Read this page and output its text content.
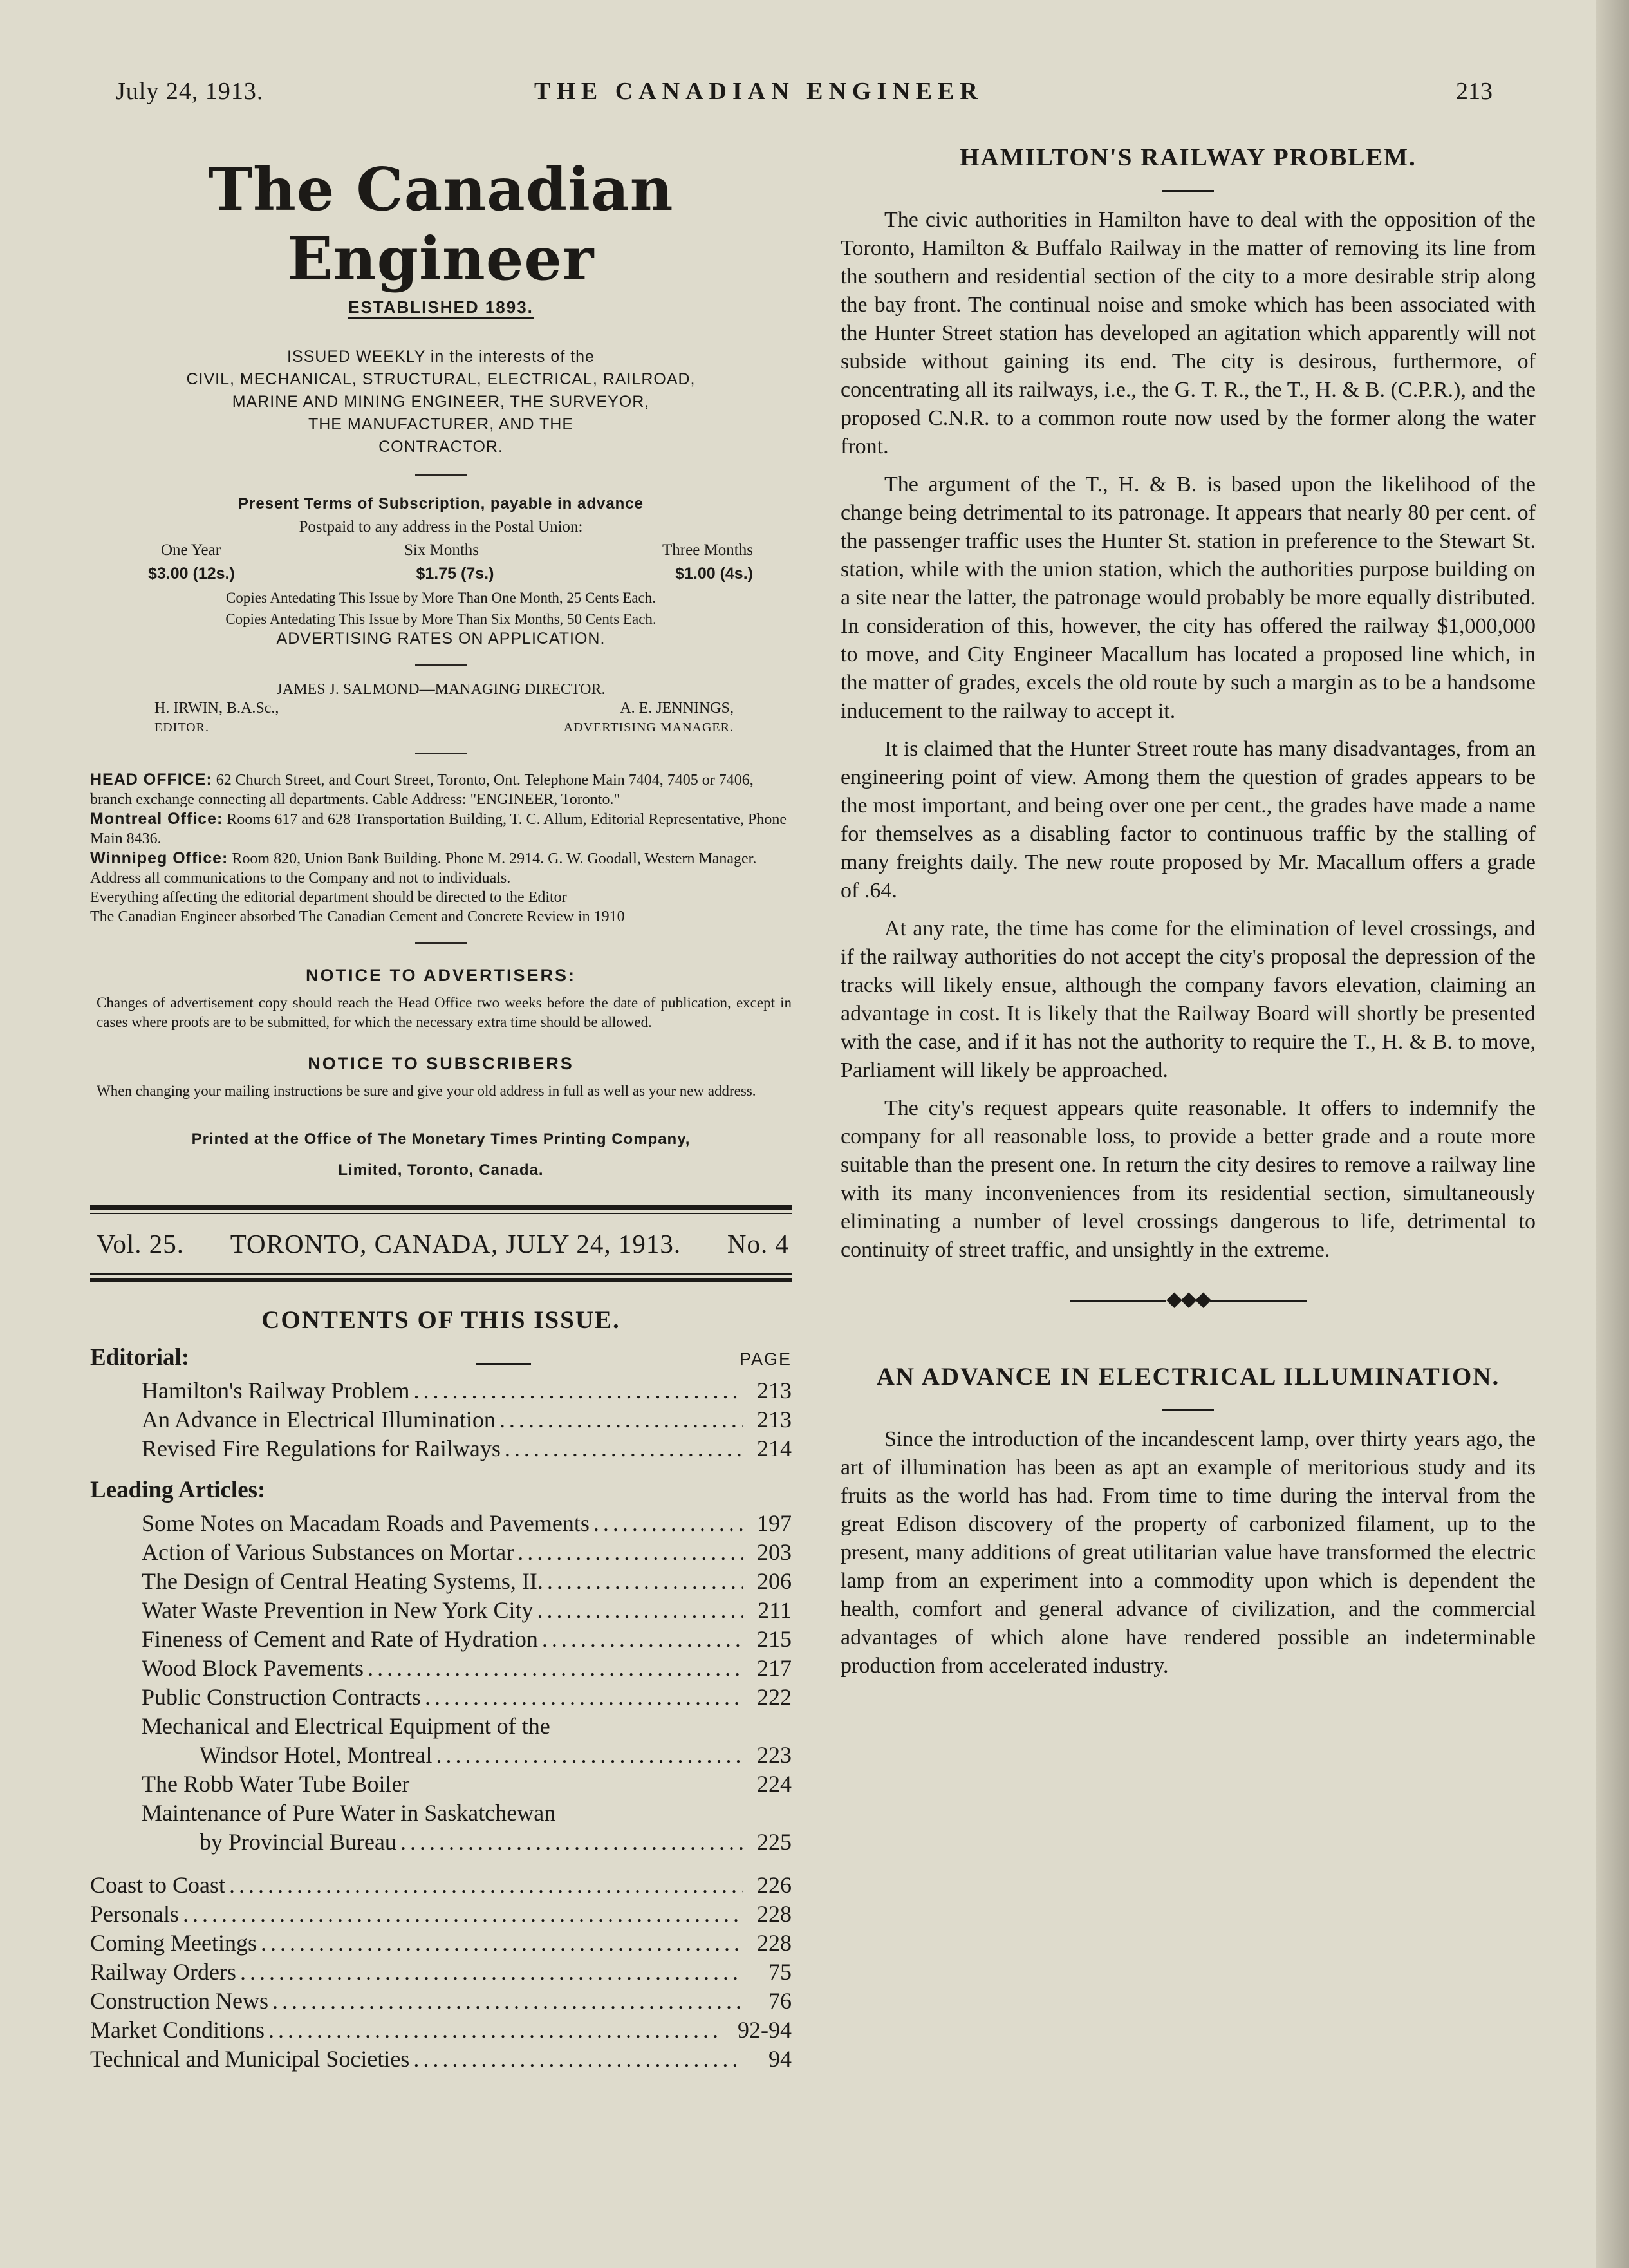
July 24, 1913.	THE CANADIAN ENGINEER	213
The Canadian Engineer
ESTABLISHED 1893.
ISSUED WEEKLY in the interests of the
CIVIL, MECHANICAL, STRUCTURAL, ELECTRICAL, RAILROAD,
MARINE AND MINING ENGINEER, THE SURVEYOR,
THE MANUFACTURER, AND THE
CONTRACTOR.
Present Terms of Subscription, payable in advance
Postpaid to any address in the Postal Union:
One Year	Six Months	Three Months
$3.00 (12s.)	$1.75 (7s.)	$1.00 (4s.)
Copies Antedating This Issue by More Than One Month, 25 Cents Each.
Copies Antedating This Issue by More Than Six Months, 50 Cents Each.
ADVERTISING RATES ON APPLICATION.
JAMES J. SALMOND—MANAGING DIRECTOR.
H. IRWIN, B.A.Sc.,	A. E. JENNINGS,
EDITOR.	ADVERTISING MANAGER.
HEAD OFFICE: 62 Church Street, and Court Street, Toronto, Ont. Telephone Main 7404, 7405 or 7406, branch exchange connecting all departments. Cable Address: "ENGINEER, Toronto."
Montreal Office: Rooms 617 and 628 Transportation Building, T. C. Allum, Editorial Representative, Phone Main 8436.
Winnipeg Office: Room 820, Union Bank Building. Phone M. 2914. G. W. Goodall, Western Manager.
Address all communications to the Company and not to individuals.
Everything affecting the editorial department should be directed to the Editor
The Canadian Engineer absorbed The Canadian Cement and Concrete Review in 1910
NOTICE TO ADVERTISERS:
Changes of advertisement copy should reach the Head Office two weeks before the date of publication, except in cases where proofs are to be submitted, for which the necessary extra time should be allowed.
NOTICE TO SUBSCRIBERS
When changing your mailing instructions be sure and give your old address in full as well as your new address.
Printed at the Office of The Monetary Times Printing Company,
Limited, Toronto, Canada.
Vol. 25. TORONTO, CANADA, JULY 24, 1913. No. 4
CONTENTS OF THIS ISSUE.
Editorial:	PAGE
Hamilton's Railway Problem .....	213
An Advance in Electrical Illumination .....	213
Revised Fire Regulations for Railways .....	214
Leading Articles:
Some Notes on Macadam Roads and Pavements .....	197
Action of Various Substances on Mortar .....	203
The Design of Central Heating Systems, II. .....	206
Water Waste Prevention in New York City .....	211
Fineness of Cement and Rate of Hydration .....	215
Wood Block Pavements .....	217
Public Construction Contracts .....	222
Mechanical and Electrical Equipment of the
Windsor Hotel, Montreal .....	223
The Robb Water Tube Boiler	224
Maintenance of Pure Water in Saskatchewan
by Provincial Bureau .....	225
Coast to Coast .....	226
Personals .....	228
Coming Meetings .....	228
Railway Orders .....	75
Construction News .....	76
Market Conditions .....	92-94
Technical and Municipal Societies .....	94
HAMILTON'S RAILWAY PROBLEM.

The civic authorities in Hamilton have to deal with the opposition of the Toronto, Hamilton & Buffalo Railway in the matter of removing its line from the southern and residential section of the city to a more desirable strip along the bay front. The continual noise and smoke which has been associated with the Hunter Street station has developed an agitation which apparently will not subside without gaining its end. The city is desirous, furthermore, of concentrating all its railways, i.e., the G. T. R., the T., H. & B. (C.P.R.), and the proposed C.N.R. to a common route now used by the former along the water front.

The argument of the T., H. & B. is based upon the likelihood of the change being detrimental to its patronage. It appears that nearly 80 per cent. of the passenger traffic uses the Hunter St. station in preference to the Stewart St. station, while with the union station, which the authorities purpose building on a site near the latter, the patronage would probably be more equally distributed. In consideration of this, however, the city has offered the railway $1,000,000 to move, and City Engineer Macallum has located a proposed line which, in the matter of grades, excels the old route by such a margin as to be a handsome inducement to the railway to accept it.

It is claimed that the Hunter Street route has many disadvantages, from an engineering point of view. Among them the question of grades appears to be the most important, and being over one per cent., the grades have made a name for themselves as a disabling factor to continuous traffic by the stalling of many freights daily. The new route proposed by Mr. Macallum offers a grade of .64.

At any rate, the time has come for the elimination of level crossings, and if the railway authorities do not accept the city's proposal the depression of the tracks will likely ensue, although the company favors elevation, claiming an advantage in cost. It is likely that the Railway Board will shortly be presented with the case, and if it has not the authority to require the T., H. & B. to move, Parliament will likely be approached.

The city's request appears quite reasonable. It offers to indemnify the company for all reasonable loss, to provide a better grade and a route more suitable than the present one. In return the city desires to remove a railway line with its many inconveniences from its residential section, simultaneously eliminating a number of level crossings dangerous to life, detrimental to continuity of street traffic, and unsightly in the extreme.

◆◆◆
AN ADVANCE IN ELECTRICAL ILLUMINATION.

Since the introduction of the incandescent lamp, over thirty years ago, the art of illumination has been as apt an example of meritorious study and its fruits as the world has had. From time to time during the interval from the great Edison discovery of the property of carbonized filament, up to the present, many additions of great utilitarian value have transformed the electric lamp from an experiment into a commodity upon which is dependent the health, comfort and general advance of civilization, and the commercial advantages of which alone have rendered possible an indeterminable production from accelerated industry.
